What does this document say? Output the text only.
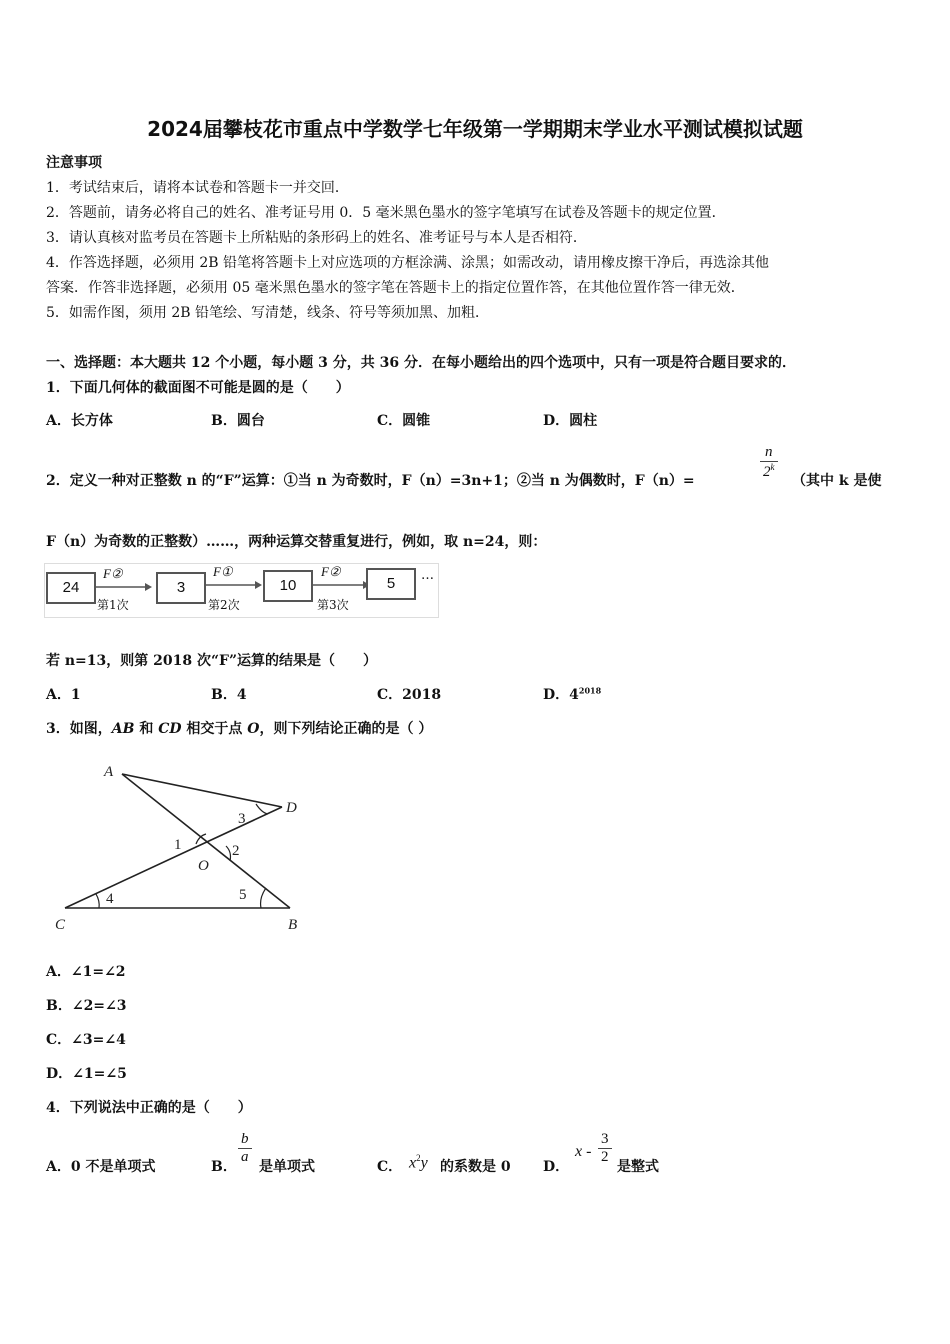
2024届攀枝花市重点中学数学七年级第一学期期末学业水平测试模拟试题
注意事项
1．考试结束后，请将本试卷和答题卡一并交回．
2．答题前，请务必将自己的姓名、准考证号用 0．5 毫米黑色墨水的签字笔填写在试卷及答题卡的规定位置．
3．请认真核对监考员在答题卡上所粘贴的条形码上的姓名、准考证号与本人是否相符．
4．作答选择题，必须用 2B 铅笔将答题卡上对应选项的方框涂满、涂黑；如需改动，请用橡皮擦干净后，再选涂其他
答案．作答非选择题，必须用 05 毫米黑色墨水的签字笔在答题卡上的指定位置作答，在其他位置作答一律无效．
5．如需作图，须用 2B 铅笔绘、写清楚，线条、符号等须加黑、加粗．
一、选择题：本大题共 12 个小题，每小题 3 分，共 36 分．在每小题给出的四个选项中，只有一项是符合题目要求的．
1．下面几何体的截面图不可能是圆的是（　　）
A．长方体	B．圆台	C．圆锥	D．圆柱
2．定义一种对正整数 n 的“F”运算：①当 n 为奇数时，F（n）=3n+1；②当 n 为偶数时，F（n）=	$\frac{n}{2^k}$ （其中 k 是使
F（n）为奇数的正整数）……，两种运算交替重复进行，例如，取 n=24，则：
24
F②
第1次
3
F①
第2次
10
F②
第3次
5	…
若 n=13，则第 2018 次“F”运算的结果是（　　）
A．1	B．4	C．2018	D．$4^{2018}$
3．如图，AB 和 CD 相交于点 O，则下列结论正确的是（ ）
A
D
C	B
O
1	2
3
4	5
A．∠1=∠2
B．∠2=∠3
C．∠3=∠4
D．∠1=∠5
4．下列说法中正确的是（　　）
A．0 不是单项式	B．
$\frac{b}{a}$
是单项式	C． $x^2y$ 的系数是 0 D．
x - $\frac{3}{2}$
是整式
